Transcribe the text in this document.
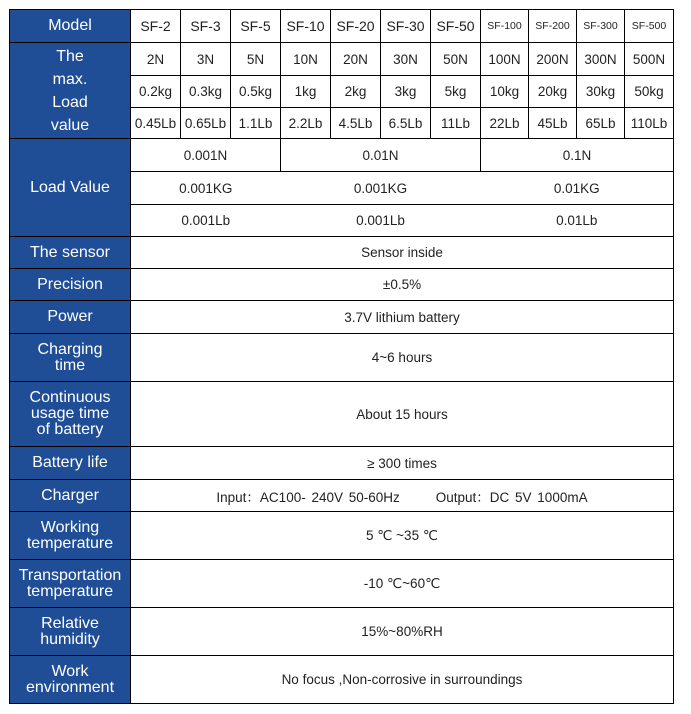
Model	SF-2	SF-3	SF-5	SF-10	SF-20	SF-30	SF-50	SF-100	SF-200	SF-300	SF-500

The
max.
Load
value	2N	3N	5N	10N	20N	30N	50N	100N	200N	300N	500N
	0.2kg	0.3kg	0.5kg	1kg	2kg	3kg	5kg	10kg	20kg	30kg	50kg
	0.45Lb	0.65Lb	1.1Lb	2.2Lb	4.5Lb	6.5Lb	11Lb	22Lb	45Lb	65Lb	110Lb
Load Value	0.001N			0.01N				0.1N			
	0.001KG			0.001KG				0.01KG			
	0.001Lb			0.001Lb				0.01Lb			
The sensor	Sensor inside										
Precision	±0.5%										
Power	3.7V lithium battery										

Charging
time	4~6 hours										

Continuous
usage time
of battery	About 15 hours										
Battery life	≥ 300 times										
Charger	Input：AC100- 240V 50-60Hz Output：DC 5V 1000mA										

Working
temperature	5 ℃ ~35 ℃										

Transportation
temperature	-10 ℃~60℃										

Relative
humidity	15%~80%RH										

Work
environment	No focus ,Non-corrosive in surroundings										
